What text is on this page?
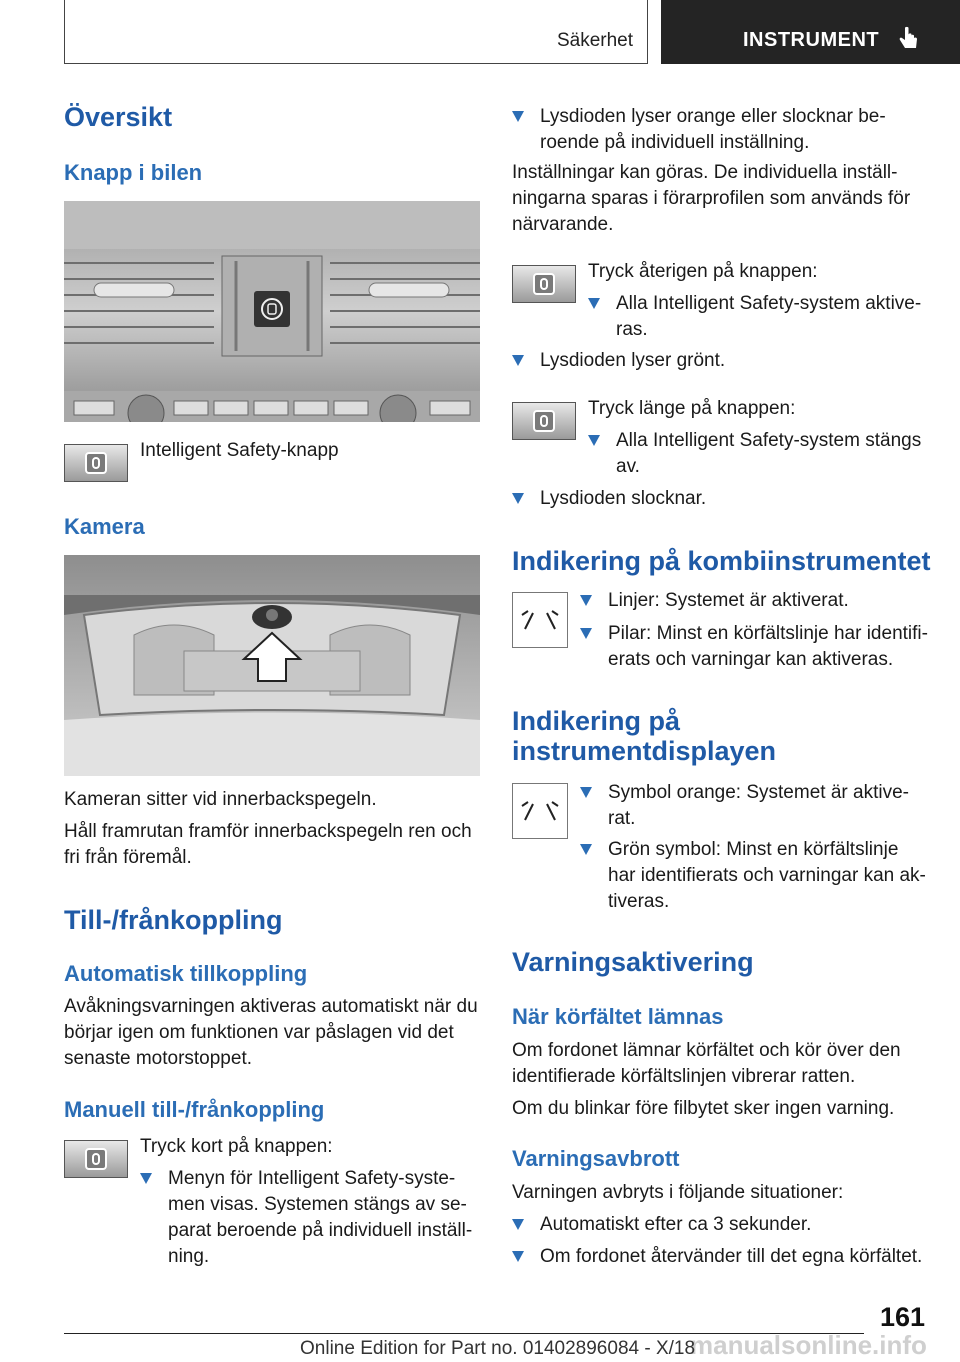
Säkerhet	INSTRUMENT
Översikt
Knapp i bilen
Intelligent Safety-knapp
Kamera
Kameran sitter vid innerbackspegeln.
Håll framrutan framför innerbackspegeln ren och fri från föremål.
Till-/frånkoppling
Automatisk tillkoppling
Avåkningsvarningen aktiveras automatiskt när du börjar igen om funktionen var påslagen vid det senaste motorstoppet.
Manuell till-/frånkoppling
Tryck kort på knappen:
Menyn för Intelligent Safety-syste-men visas. Systemen stängs av se-parat beroende på individuell inställ-ning.
Lysdioden lyser orange eller slocknar be-roende på individuell inställning.
Inställningar kan göras. De individuella inställ-ningarna sparas i förarprofilen som används för närvarande.
Tryck återigen på knappen:
Alla Intelligent Safety-system aktive-ras.
Lysdioden lyser grönt.
Tryck länge på knappen:
Alla Intelligent Safety-system stängs av.
Lysdioden slocknar.
Indikering på kombiinstrumentet
Linjer: Systemet är aktiverat.
Pilar: Minst en körfältslinje har identifi-erats och varningar kan aktiveras.
Indikering på
instrumentdisplayen
Symbol orange: Systemet är aktive-rat.
Grön symbol: Minst en körfältslinje har identifierats och varningar kan ak-tiveras.
Varningsaktivering
När körfältet lämnas
Om fordonet lämnar körfältet och kör över den identifierade körfältslinjen vibrerar ratten.
Om du blinkar före filbytet sker ingen varning.
Varningsavbrott
Varningen avbryts i följande situationer:
Automatiskt efter ca 3 sekunder.
Om fordonet återvänder till det egna körfältet.
161
manualsonline.info
Online Edition for Part no. 01402896084 - X/18
